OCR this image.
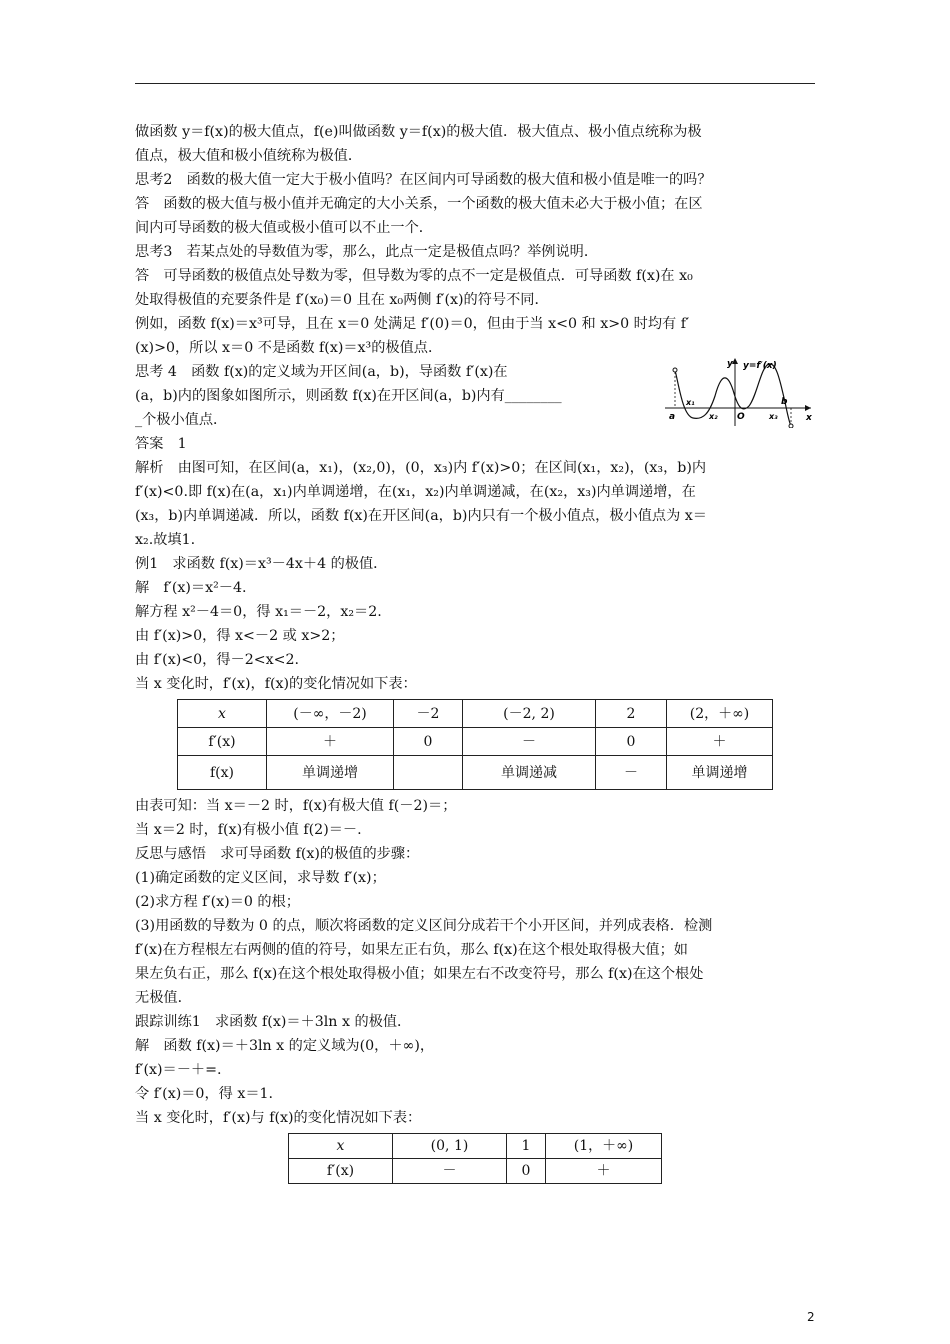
做函数 y＝f(x)的极大值点，f(e)叫做函数 y＝f(x)的极大值．极大值点、极小值点统称为极
值点，极大值和极小值统称为极值．
思考2　函数的极大值一定大于极小值吗？在区间内可导函数的极大值和极小值是唯一的吗？
答　函数的极大值与极小值并无确定的大小关系，一个函数的极大值未必大于极小值；在区
间内可导函数的极大值或极小值可以不止一个．
思考3　若某点处的导数值为零，那么，此点一定是极值点吗？举例说明．
答　可导函数的极值点处导数为零，但导数为零的点不一定是极值点．可导函数 f(x)在 x₀
处取得极值的充要条件是 f′(x₀)＝0 且在 x₀两侧 f′(x)的符号不同．
例如，函数 f(x)＝x³可导，且在 x＝0 处满足 f′(0)＝0，但由于当 x<0 和 x>0 时均有 f′
(x)>0，所以 x＝0 不是函数 f(x)＝x³的极值点．
思考 4　函数 f(x)的定义域为开区间(a，b)，导函数 f′(x)在
(a，b)内的图象如图所示，则函数 f(x)在开区间(a，b)内有________
_个极小值点．
y=f′(x)
y
x
O
a
b
x₁
x₂	x₃
答案　1
解析　由图可知，在区间(a，x₁)，(x₂,0)，(0，x₃)内 f′(x)>0；在区间(x₁，x₂)，(x₃，b)内
f′(x)<0.即 f(x)在(a，x₁)内单调递增，在(x₁，x₂)内单调递减，在(x₂，x₃)内单调递增，在
(x₃，b)内单调递减．所以，函数 f(x)在开区间(a，b)内只有一个极小值点，极小值点为 x＝
x₂.故填1.
例1　求函数 f(x)＝x³－4x＋4 的极值．
解　f′(x)＝x²－4.
解方程 x²－4＝0，得 x₁＝－2，x₂＝2.
由 f′(x)>0，得 x<－2 或 x>2；
由 f′(x)<0，得－2<x<2.
当 x 变化时，f′(x)，f(x)的变化情况如下表：
x	(－∞，－2)	－2	(－2, 2)	2	(2，＋∞)
f′(x)	＋	0	－	0	＋
f(x)	单调递增		单调递减	－	单调递增
由表可知：当 x＝－2 时，f(x)有极大值 f(－2)＝；
当 x＝2 时，f(x)有极小值 f(2)＝－.
反思与感悟　求可导函数 f(x)的极值的步骤：
(1)确定函数的定义区间，求导数 f′(x)；
(2)求方程 f′(x)＝0 的根；
(3)用函数的导数为 0 的点，顺次将函数的定义区间分成若干个小开区间，并列成表格．检测
f′(x)在方程根左右两侧的值的符号，如果左正右负，那么 f(x)在这个根处取得极大值；如
果左负右正，那么 f(x)在这个根处取得极小值；如果左右不改变符号，那么 f(x)在这个根处
无极值．
跟踪训练1　求函数 f(x)＝＋3ln x 的极值．
解　函数 f(x)＝＋3ln x 的定义域为(0，＋∞)，
f′(x)＝－＋=.
令 f′(x)＝0，得 x＝1.
当 x 变化时，f′(x)与 f(x)的变化情况如下表：
x	(0, 1)	1	(1，＋∞)
f′(x)	－	0	＋
2
